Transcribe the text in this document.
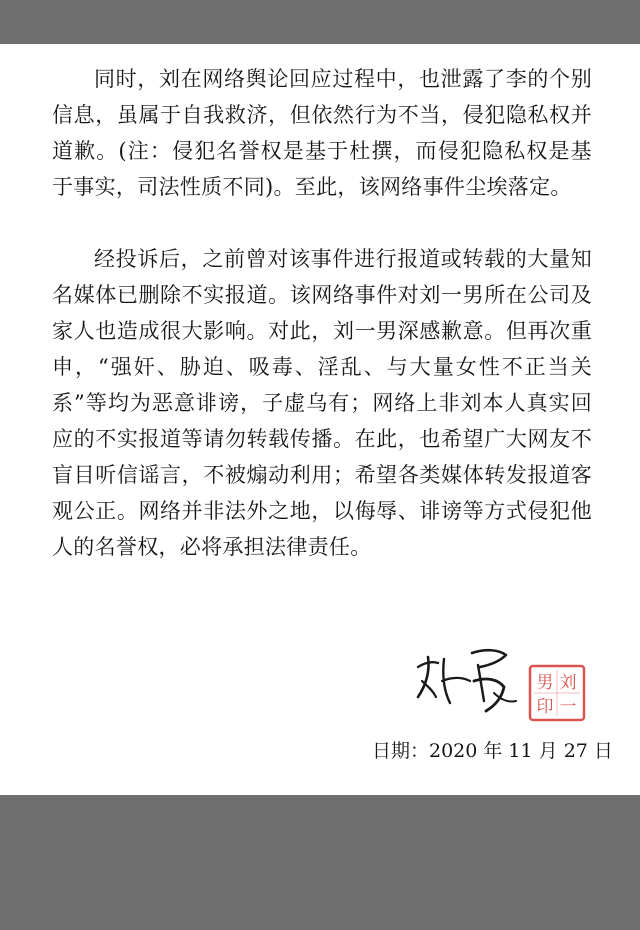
同时，刘在网络舆论回应过程中，也泄露了李的个别信息，虽属于自我救济，但依然行为不当，侵犯隐私权并道歉。(注：侵犯名誉权是基于杜撰，而侵犯隐私权是基于事实，司法性质不同)。至此，该网络事件尘埃落定。

经投诉后，之前曾对该事件进行报道或转载的大量知名媒体已删除不实报道。该网络事件对刘一男所在公司及家人也造成很大影响。对此，刘一男深感歉意。但再次重申，“强奸、胁迫、吸毒、淫乱、与大量女性不正当关系”等均为恶意诽谤，子虚乌有；网络上非刘本人真实回应的不实报道等请勿转载传播。在此，也希望广大网友不盲目听信谣言，不被煽动利用；希望各类媒体转发报道客观公正。网络并非法外之地，以侮辱、诽谤等方式侵犯他人的名誉权，必将承担法律责任。

刘
一
男
印
日期：2020 年 11 月 27 日
